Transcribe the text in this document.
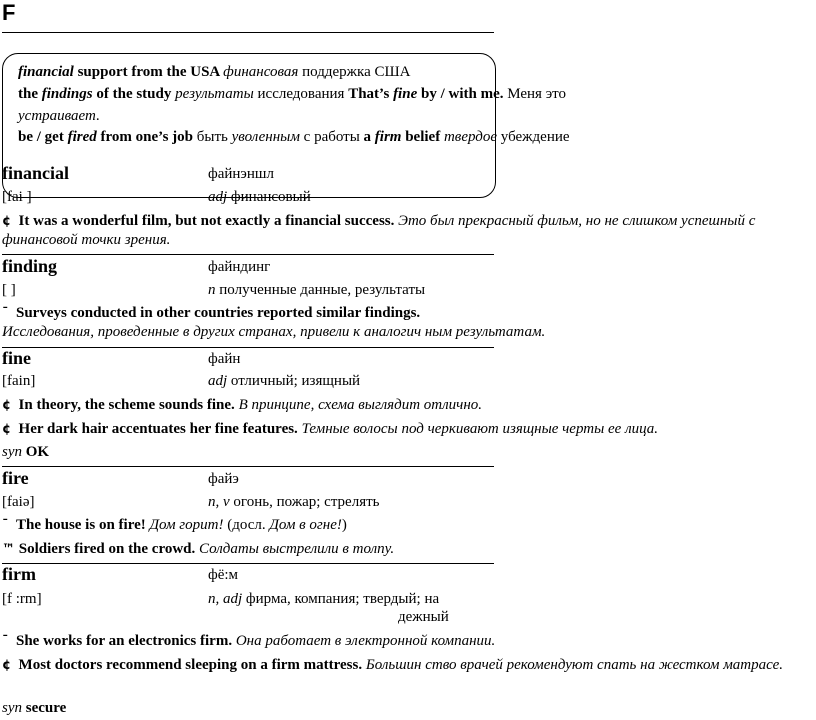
F
financial support from the USA финансовая поддержка США
the findings of the study результаты исследования That’s fine by / with me. Меня это
устраивает.
be / get fired from one’s job быть уволенным с работы a firm belief твердое убеждение
financial	файнэншл
[fai ]	adj финансовый
¢ It was a wonderful film, but not exactly a financial success. Это был прекрасный фильм, но не слишком успешный с финансовой точки зрения.
finding	файндинг
[ ]	n полученные данные, результаты
ˉ Surveys conducted in other countries reported similar findings.
Исследования, проведенные в других странах, привели к аналогич ным результатам.
fine	файн
[fain]	adj отличный; изящный
¢ In theory, the scheme sounds fine. В принципе, схема выглядит отлично.
¢ Her dark hair accentuates her fine features. Темные волосы под черкивают изящные черты ее лица.
syn OK
fire	файэ
[faiə]	n, v огонь, пожар; стрелять
ˉ The house is on fire! Дом горит! (досл. Дом в огне!)
™ Soldiers fired on the crowd. Солдаты выстрелили в толпу.
firm	фё:м
[f :rm]	n, adj фирма, компания; твердый; на
дежный
ˉ She works for an electronics firm. Она работает в электронной компании.
¢ Most doctors recommend sleeping on a firm mattress. Большин ство врачей рекомендуют спать на жестком матрасе.
syn secure
